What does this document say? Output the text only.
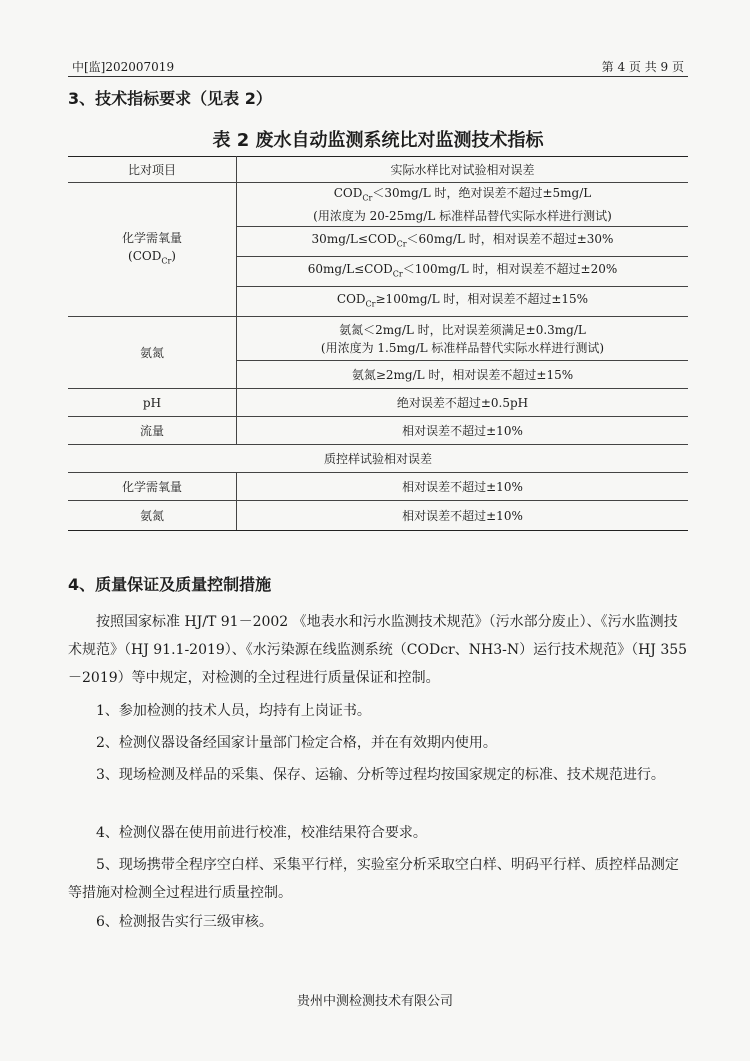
中[监]202007019	第 4 页 共 9 页
3、技术指标要求（见表 2）
表 2 废水自动监测系统比对监测技术指标
比对项目	实际水样比对试验相对误差

化学需氧量
$(COD_{Cr})$	$COD_{Cr}<30mg/L$ 时，绝对误差不超过±5mg/L
(用浓度为 20-25mg/L 标准样品替代实际水样进行测试)

	$30mg/L\le COD_{Cr}<60mg/L$ 时，相对误差不超过±30%
	$60mg/L\le COD_{Cr}<100mg/L$ 时，相对误差不超过±20%
	$COD_{Cr}\ge 100mg/L$ 时，相对误差不超过±15%
氨氮	氨氮＜2mg/L 时，比对误差须满足±0.3mg/L
(用浓度为 1.5mg/L 标准样品替代实际水样进行测试)

	氨氮≥2mg/L 时，相对误差不超过±15%
pH	绝对误差不超过±0.5pH
流量	相对误差不超过±10%
质控样试验相对误差	
化学需氧量	相对误差不超过±10%
氨氮	相对误差不超过±10%
4、质量保证及质量控制措施
按照国家标准 HJ/T 91－2002 《地表水和污水监测技术规范》（污水部分废止）、《污水监测技术规范》（HJ 91.1-2019）、《水污染源在线监测系统（CODcr、NH3-N）运行技术规范》（HJ 355－2019）等中规定，对检测的全过程进行质量保证和控制。
1、参加检测的技术人员，均持有上岗证书。
2、检测仪器设备经国家计量部门检定合格，并在有效期内使用。
3、现场检测及样品的采集、保存、运输、分析等过程均按国家规定的标准、技术规范进行。
4、检测仪器在使用前进行校准，校准结果符合要求。
5、现场携带全程序空白样、采集平行样，实验室分析采取空白样、明码平行样、质控样品测定等措施对检测全过程进行质量控制。
6、检测报告实行三级审核。
贵州中测检测技术有限公司
